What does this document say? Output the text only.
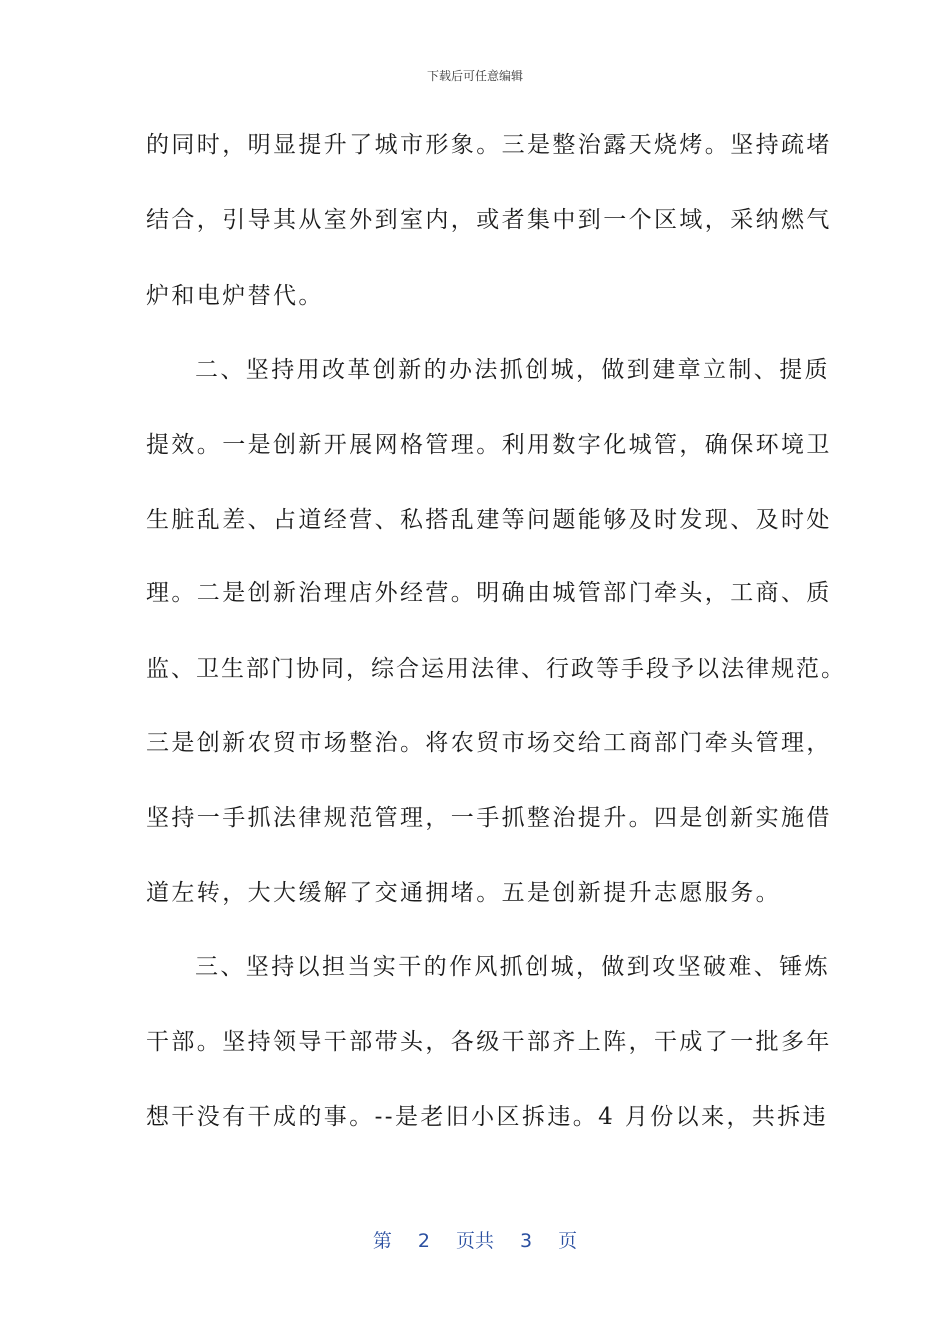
下载后可任意编辑
的同时，明显提升了城市形象。三是整治露天烧烤。坚持疏堵
结合，引导其从室外到室内，或者集中到一个区域，采纳燃气
炉和电炉替代。
二、坚持用改革创新的办法抓创城，做到建章立制、提质
提效。一是创新开展网格管理。利用数字化城管，确保环境卫
生脏乱差、占道经营、私搭乱建等问题能够及时发现、及时处
理。二是创新治理店外经营。明确由城管部门牵头，工商、质
监、卫生部门协同，综合运用法律、行政等手段予以法律规范。
三是创新农贸市场整治。将农贸市场交给工商部门牵头管理，
坚持一手抓法律规范管理，一手抓整治提升。四是创新实施借
道左转，大大缓解了交通拥堵。五是创新提升志愿服务。
三、坚持以担当实干的作风抓创城，做到攻坚破难、锤炼
干部。坚持领导干部带头，各级干部齐上阵，干成了一批多年
想干没有干成的事。--是老旧小区拆违。4 月份以来，共拆违
第 2 页共 3 页
